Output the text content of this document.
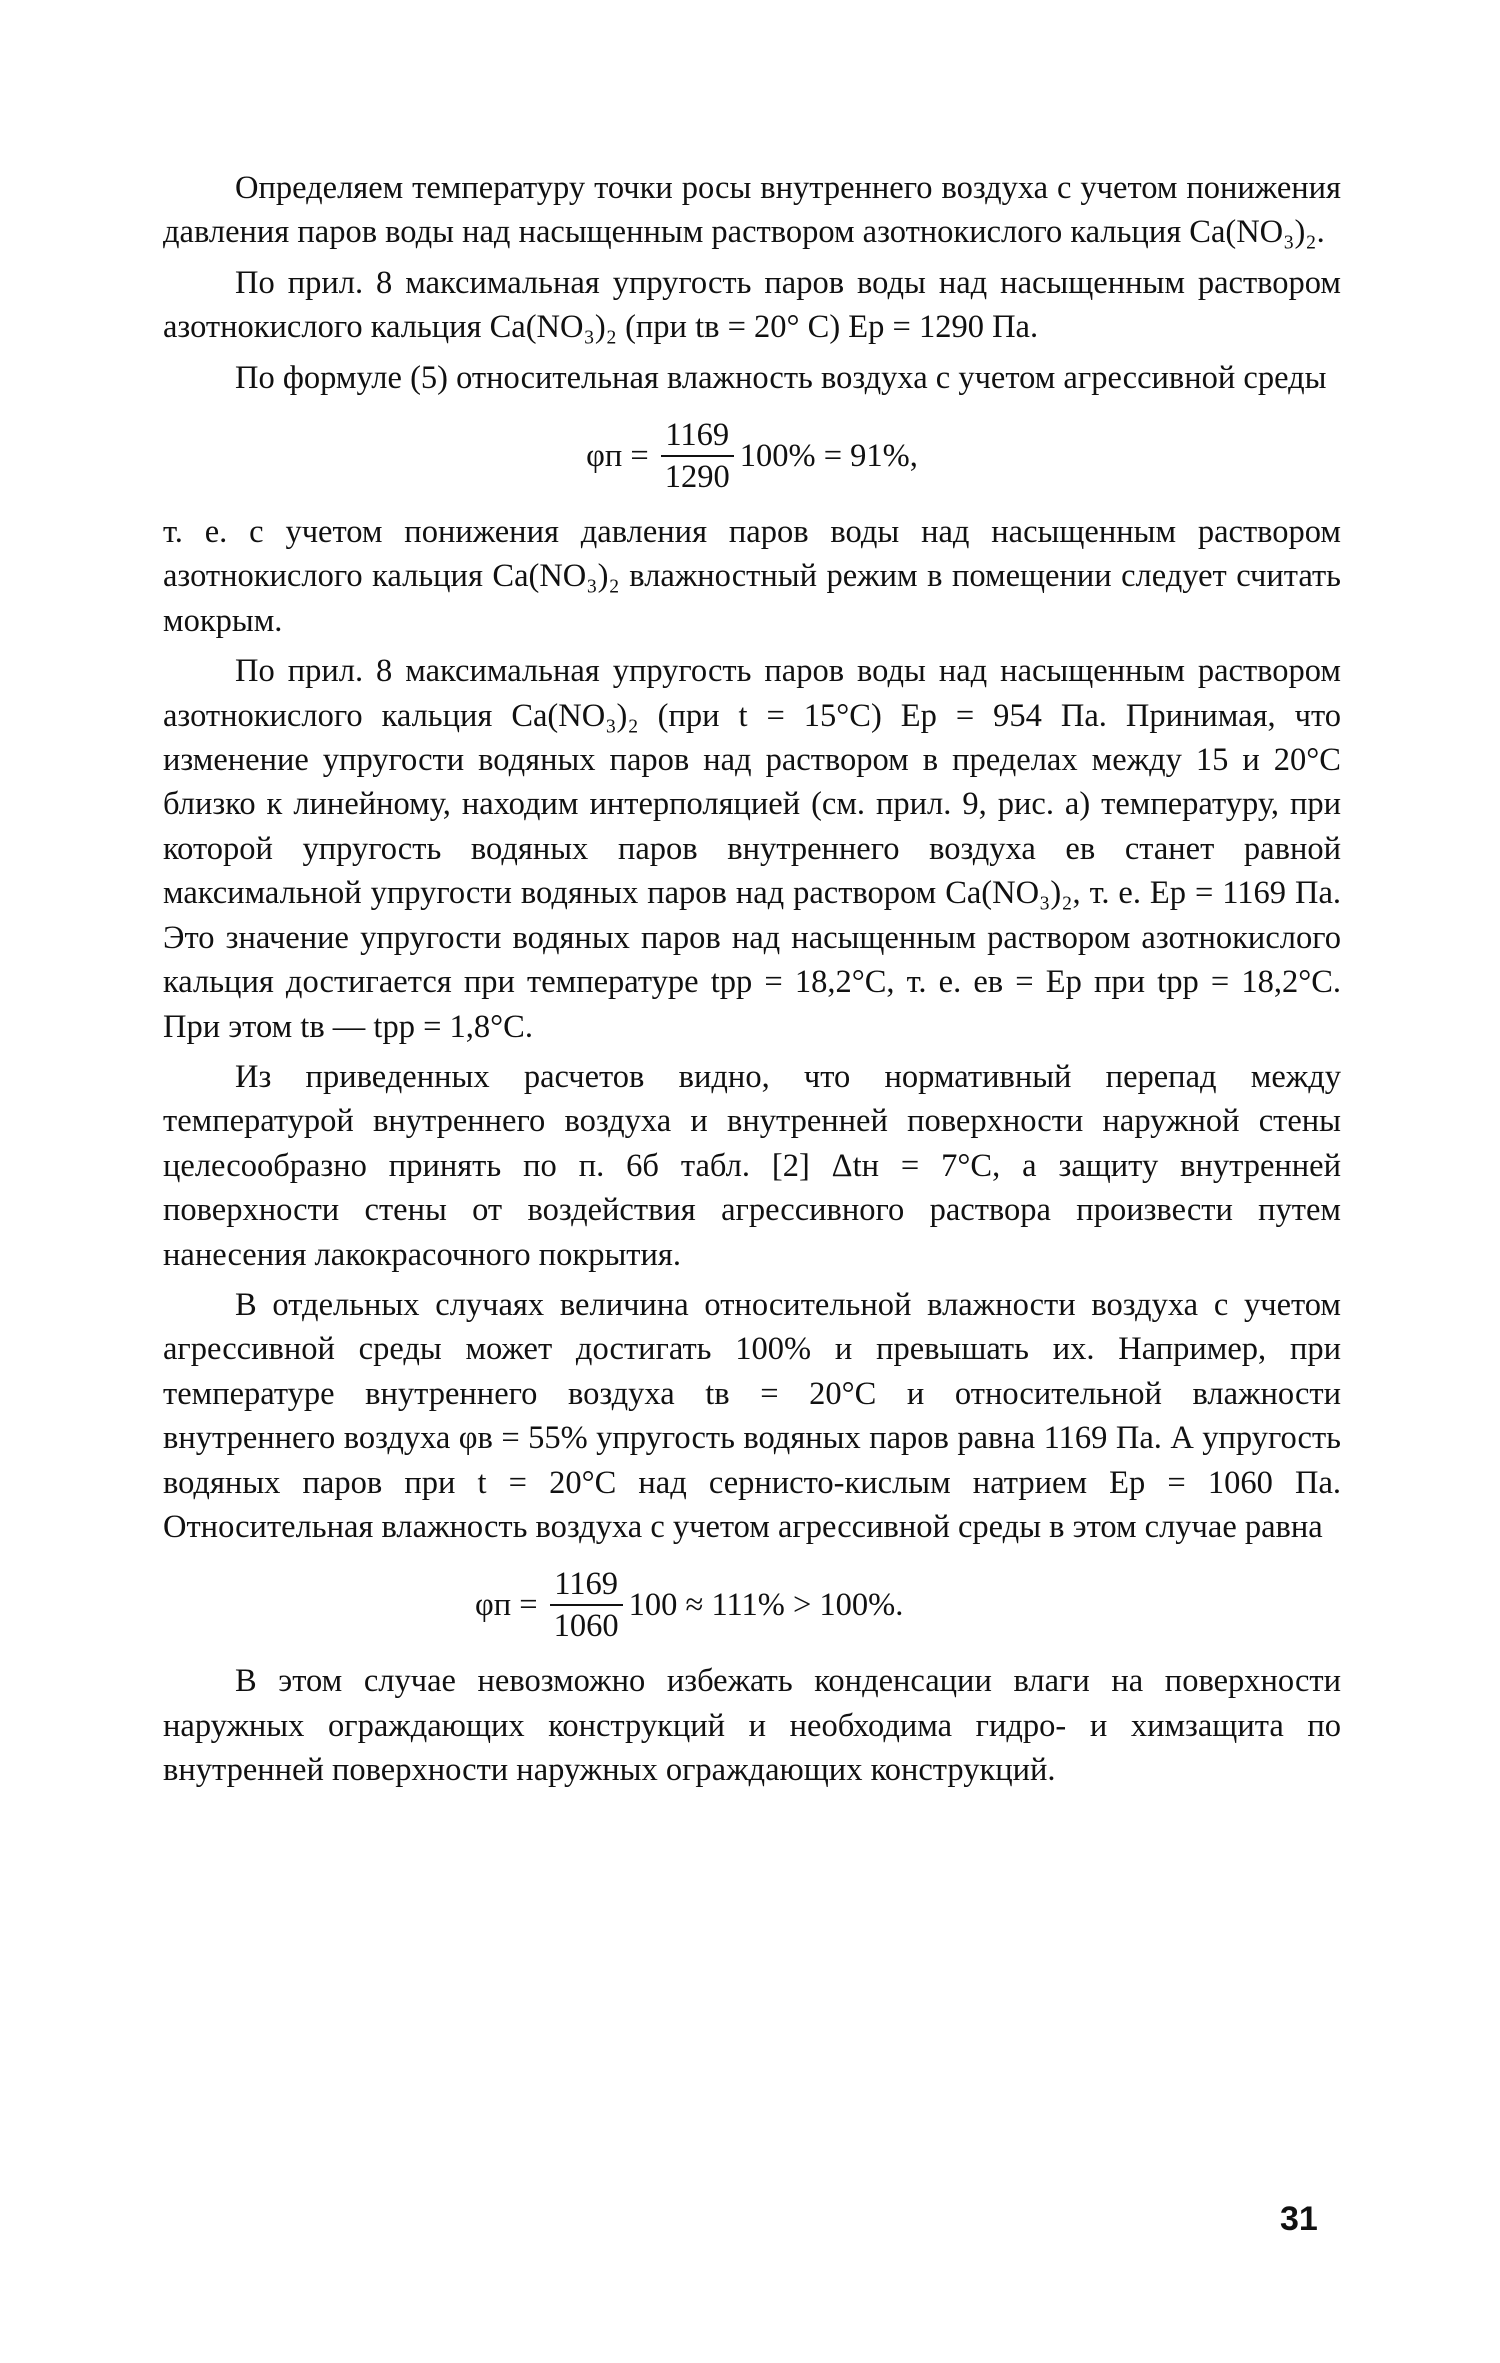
Определяем температуру точки росы внутреннего воздуха с учетом понижения давления паров воды над насыщенным раствором азотнокислого кальция Ca(NO₃)₂.

По прил. 8 максимальная упругость паров воды над насыщенным раствором азотнокислого кальция Ca(NO₃)₂ (при tв = 20° C) Eр = 1290 Па.

По формуле (5) относительная влажность воздуха с учетом агрессивной среды

$\varphi п = \frac{1169}{1290} 100\% = 91\%$,

т. е. с учетом понижения давления паров воды над насыщенным раствором азотнокислого кальция Ca(NO₃)₂ влажностный режим в помещении следует считать мокрым.

По прил. 8 максимальная упругость паров воды над насыщенным раствором азотнокислого кальция Ca(NO₃)₂ (при t = 15°C) Eр = 954 Па. Принимая, что изменение упругости водяных паров над раствором в пределах между 15 и 20°C близко к линейному, находим интерполяцией (см. прил. 9, рис. а) температуру, при которой упругость водяных паров внутреннего воздуха eв станет равной максимальной упругости водяных паров над раствором Ca(NO₃)₂, т. е. Eр = 1169 Па. Это значение упругости водяных паров над насыщенным раствором азотнокислого кальция достигается при температуре tрр = 18,2°C, т. е. eв = Eр при tрр = 18,2°C. При этом tв — tрр = 1,8°C.

Из приведенных расчетов видно, что нормативный перепад между температурой внутреннего воздуха и внутренней поверхности наружной стены целесообразно принять по п. 6б табл. [2] Δtн = 7°C, а защиту внутренней поверхности стены от воздействия агрессивного раствора произвести путем нанесения лакокрасочного покрытия.

В отдельных случаях величина относительной влажности воздуха с учетом агрессивной среды может достигать 100% и превышать их. Например, при температуре внутреннего воздуха tв = 20°C и относительной влажности внутреннего воздуха φв = 55% упругость водяных паров равна 1169 Па. А упругость водяных паров при t = 20°C над сернисто-кислым натрием Eр = 1060 Па. Относительная влажность воздуха с учетом агрессивной среды в этом случае равна

$\varphi п = \frac{1169}{1060} 100 \approx 111\% > 100\%$.

В этом случае невозможно избежать конденсации влаги на поверхности наружных ограждающих конструкций и необходима гидро- и химзащита по внутренней поверхности наружных ограждающих конструкций.

31
